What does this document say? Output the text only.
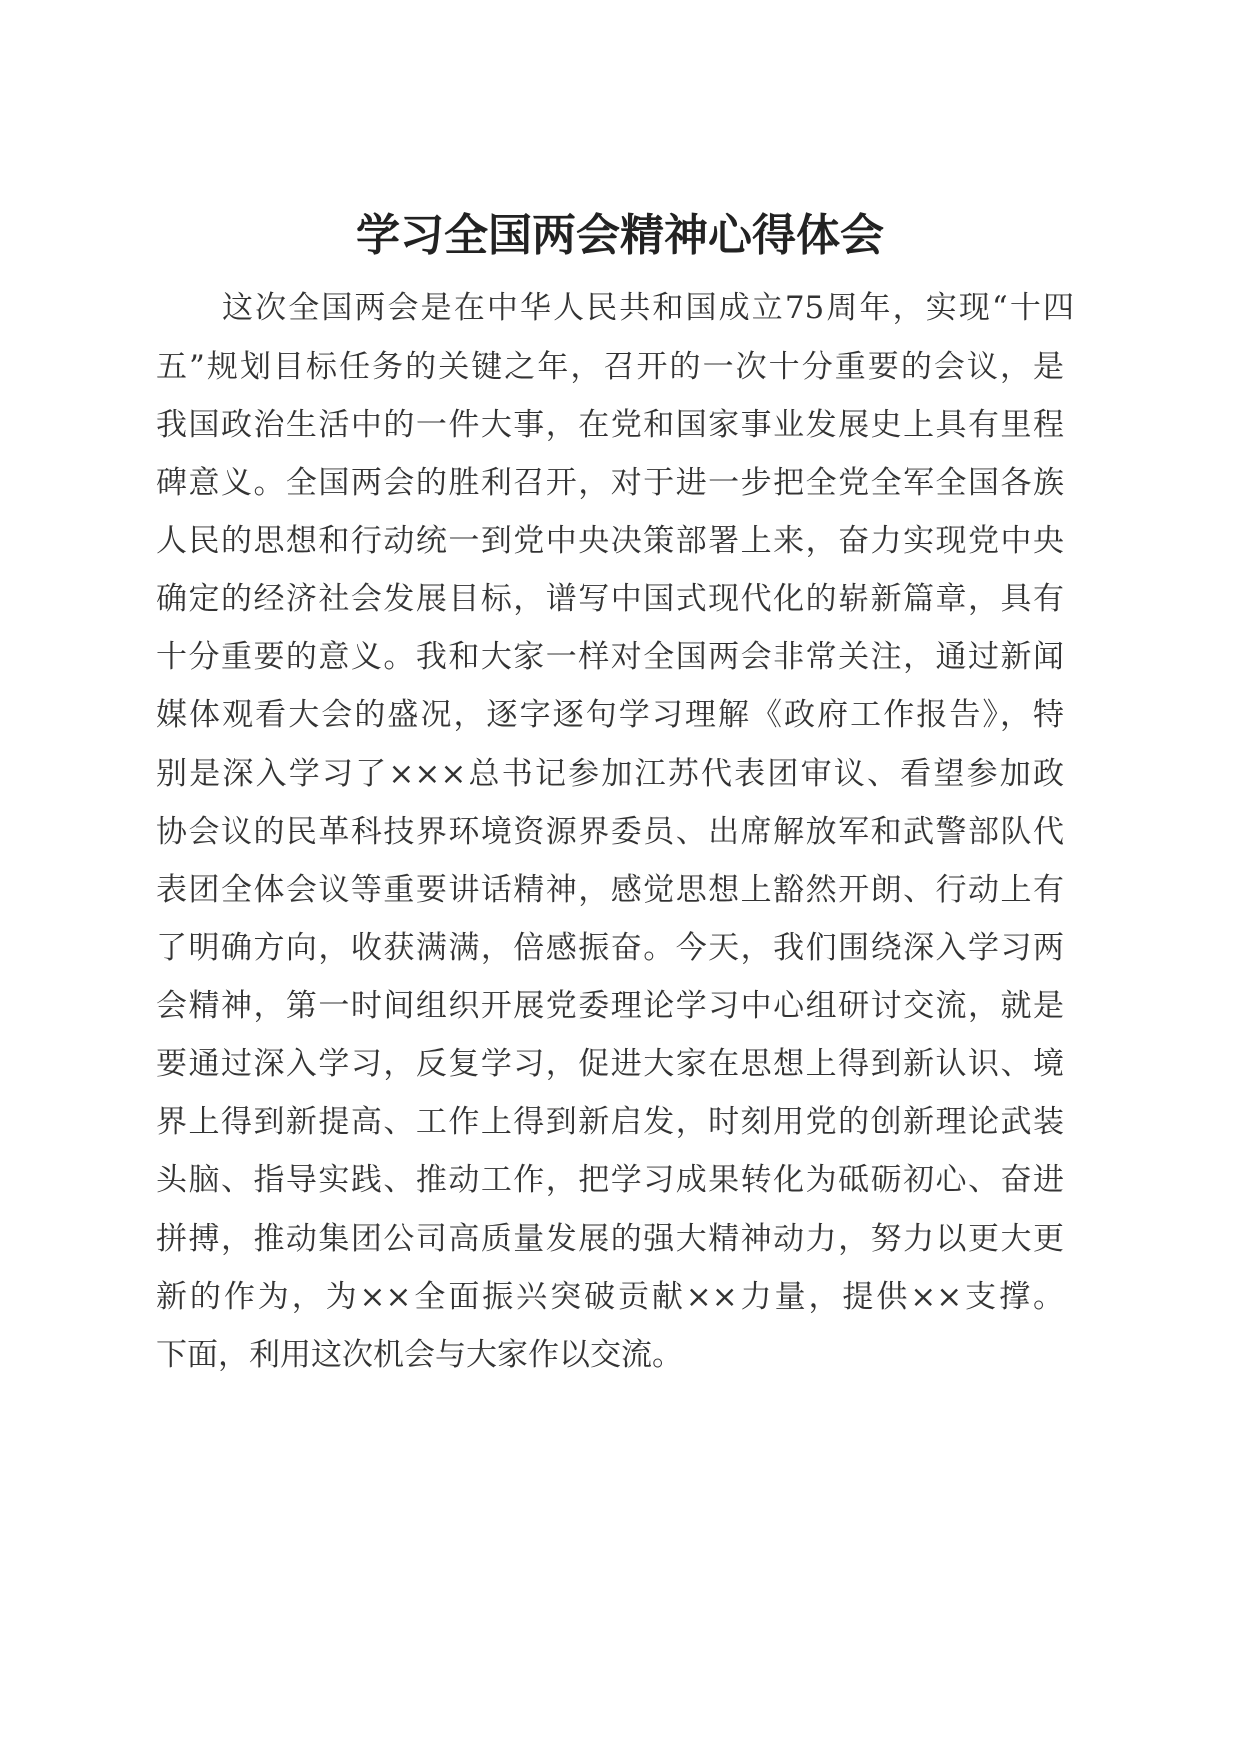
学习全国两会精神心得体会
这次全国两会是在中华人民共和国成立75周年，实现“十四
五”规划目标任务的关键之年，召开的一次十分重要的会议，是
我国政治生活中的一件大事，在党和国家事业发展史上具有里程
碑意义。全国两会的胜利召开，对于进一步把全党全军全国各族
人民的思想和行动统一到党中央决策部署上来，奋力实现党中央
确定的经济社会发展目标，谱写中国式现代化的崭新篇章，具有
十分重要的意义。我和大家一样对全国两会非常关注，通过新闻
媒体观看大会的盛况，逐字逐句学习理解《政府工作报告》，特
别是深入学习了×××总书记参加江苏代表团审议、看望参加政
协会议的民革科技界环境资源界委员、出席解放军和武警部队代
表团全体会议等重要讲话精神，感觉思想上豁然开朗、行动上有
了明确方向，收获满满，倍感振奋。今天，我们围绕深入学习两
会精神，第一时间组织开展党委理论学习中心组研讨交流，就是
要通过深入学习，反复学习，促进大家在思想上得到新认识、境
界上得到新提高、工作上得到新启发，时刻用党的创新理论武装
头脑、指导实践、推动工作，把学习成果转化为砥砺初心、奋进
拼搏，推动集团公司高质量发展的强大精神动力，努力以更大更
新的作为，为××全面振兴突破贡献××力量，提供××支撑。
下面，利用这次机会与大家作以交流。
